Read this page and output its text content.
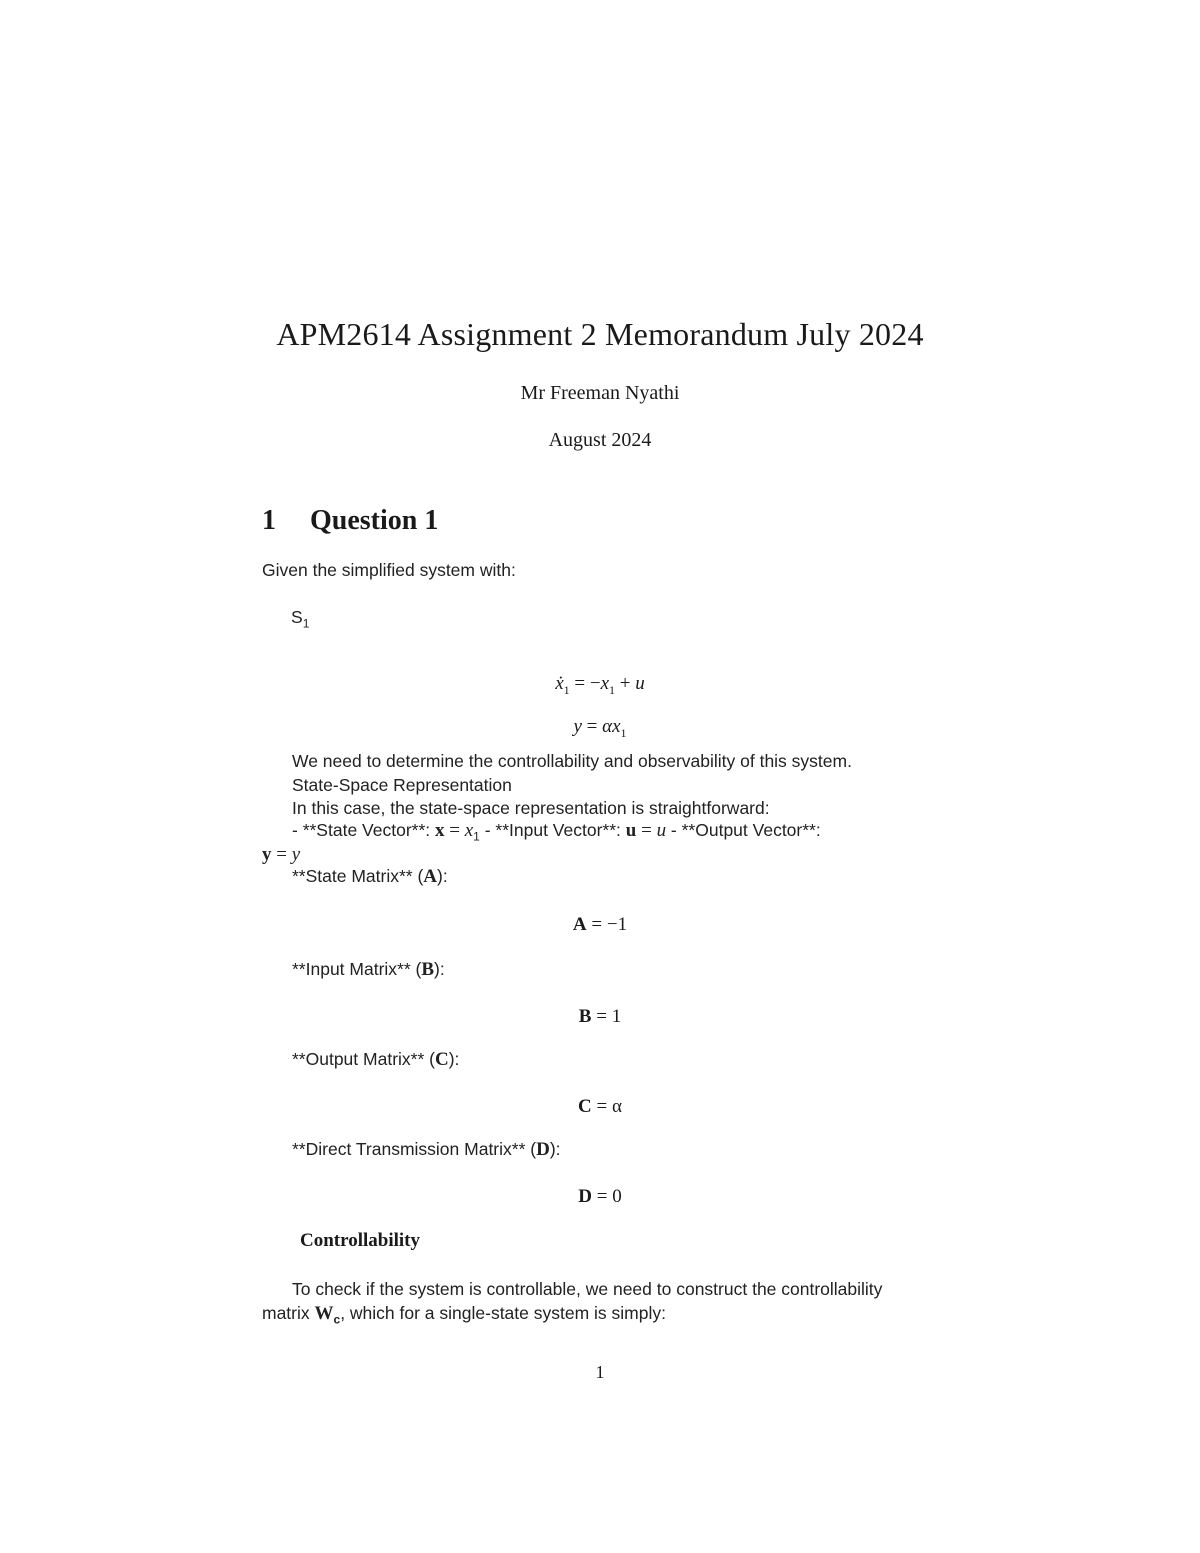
APM2614 Assignment 2 Memorandum July 2024
Mr Freeman Nyathi
August 2024
1 Question 1
Given the simplified system with:
$S_1$
ẋ$_1$ = $-x_1 + u$
$y = \alpha x_1$
We need to determine the controllability and observability of this system.
State-Space Representation
In this case, the state-space representation is straightforward:
- **State Vector**: $x = x_1$ - **Input Vector**: u = u - **Output Vector**:
y = y
**State Matrix** (A):
A = −1
**Input Matrix** (B):
B = 1
**Output Matrix** (C):
C = α
**Direct Transmission Matrix** (D):
D = 0
Controllability
To check if the system is controllable, we need to construct the controllability
matrix $W_c$, which for a single-state system is simply:
1
